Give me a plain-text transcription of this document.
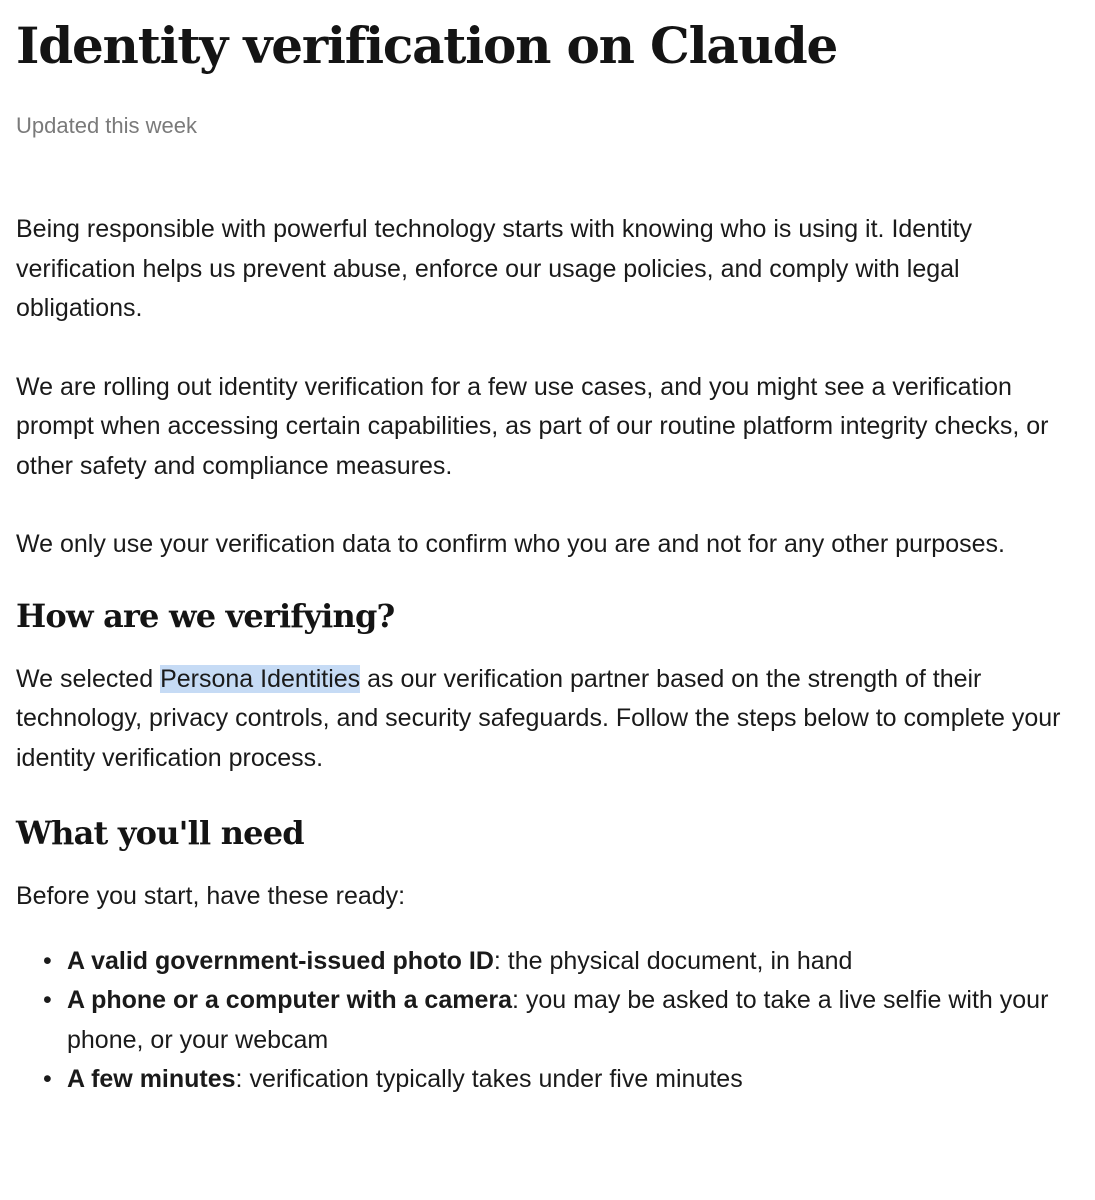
Identity verification on Claude
Updated this week

Being responsible with powerful technology starts with knowing who is using it. Identity verification helps us prevent abuse, enforce our usage policies, and comply with legal obligations.

We are rolling out identity verification for a few use cases, and you might see a verification prompt when accessing certain capabilities, as part of our routine platform integrity checks, or other safety and compliance measures.

We only use your verification data to confirm who you are and not for any other purposes.

How are we verifying?

We selected Persona Identities as our verification partner based on the strength of their technology, privacy controls, and security safeguards. Follow the steps below to complete your identity verification process.

What you'll need

Before you start, have these ready:

• A valid government-issued photo ID: the physical document, in hand
• A phone or a computer with a camera: you may be asked to take a live selfie with your phone, or your webcam
• A few minutes: verification typically takes under five minutes
